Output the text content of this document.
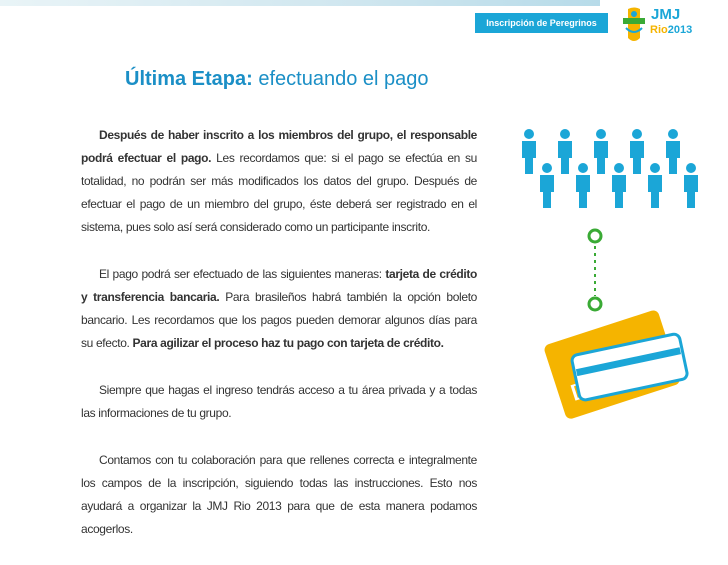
Inscripción de Peregrinos	JMJ
Rio2013
Última Etapa: efectuando el pago

Después de haber inscrito a los miembros del grupo, el responsable podrá efectuar el pago. Les recordamos que: si el pago se efectúa en su totalidad, no podrán ser más modificados los datos del grupo. Después de efectuar el pago de un miembro del grupo, éste deberá ser registrado en el sistema, pues solo así será considerado como un participante inscrito.

El pago podrá ser efectuado de las siguientes maneras: tarjeta de crédito y transferencia bancaria. Para brasileños habrá también la opción boleto bancario. Les recordamos que los pagos pueden demorar algunos días para su efecto. Para agilizar el proceso haz tu pago con tarjeta de crédito.

Siempre que hagas el ingreso tendrás acceso a tu área privada y a todas las informaciones de tu grupo.

Contamos con tu colaboración para que rellenes correcta e integralmente los campos de la inscripción, siguiendo todas las instrucciones. Esto nos ayudará a organizar la JMJ Rio 2013 para que de esta manera podamos acogerlos.
